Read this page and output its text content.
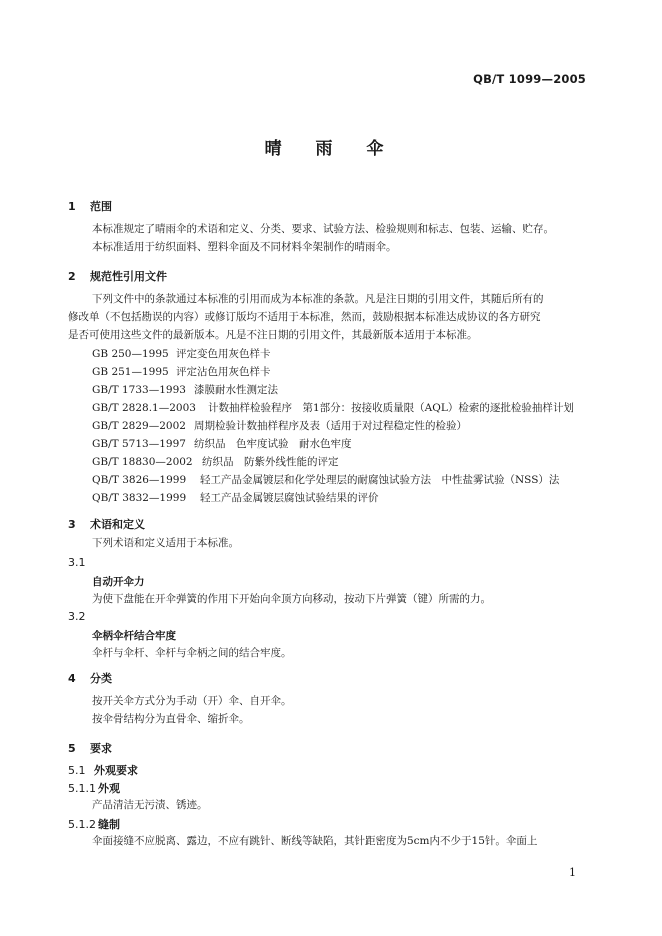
QB/T 1099—2005
晴 雨 伞
1 范围
本标准规定了晴雨伞的术语和定义、分类、要求、试验方法、检验规则和标志、包装、运输、贮存。
本标准适用于纺织面料、塑料伞面及不同材料伞架制作的晴雨伞。
2 规范性引用文件
下列文件中的条款通过本标准的引用而成为本标准的条款。凡是注日期的引用文件，其随后所有的
修改单（不包括勘误的内容）或修订版均不适用于本标准，然而，鼓励根据本标准达成协议的各方研究
是否可使用这些文件的最新版本。凡是不注日期的引用文件，其最新版本适用于本标准。
GB 250—1995 评定变色用灰色样卡
GB 251—1995 评定沾色用灰色样卡
GB/T 1733—1993 漆膜耐水性测定法
GB/T 2828.1—2003 计数抽样检验程序　第1部分：按接收质量限（AQL）检索的逐批检验抽样计划
GB/T 2829—2002 周期检验计数抽样程序及表（适用于对过程稳定性的检验）
GB/T 5713—1997 纺织品　色牢度试验　耐水色牢度
GB/T 18830—2002 纺织品　防紫外线性能的评定
QB/T 3826—1999 轻工产品金属镀层和化学处理层的耐腐蚀试验方法　中性盐雾试验（NSS）法
QB/T 3832—1999 轻工产品金属镀层腐蚀试验结果的评价
3 术语和定义
下列术语和定义适用于本标准。
3.1
自动开伞力
为使下盘能在开伞弹簧的作用下开始向伞顶方向移动，按动下片弹簧（键）所需的力。
3.2
伞柄伞杆结合牢度
伞杆与伞杆、伞杆与伞柄之间的结合牢度。
4 分类
按开关伞方式分为手动（开）伞、自开伞。
按伞骨结构分为直骨伞、缩折伞。
5 要求
5.1 外观要求
5.1.1 外观
产品清洁无污渍、锈迹。
5.1.2 缝制
伞面接缝不应脱离、露边，不应有跳针、断线等缺陷，其针距密度为5cm内不少于15针。伞面上
1
